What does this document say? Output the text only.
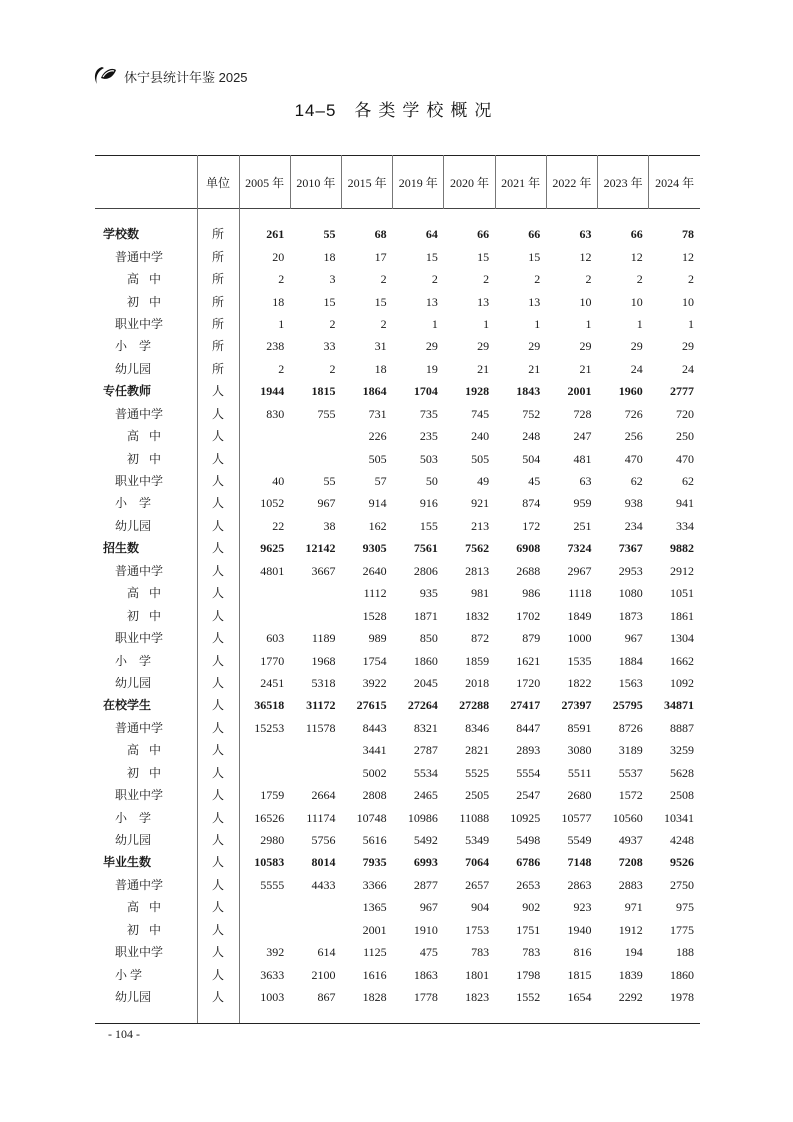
休宁县统计年鉴 2025
14–5 各类学校概况
	单位	2005 年	2010 年	2015 年	2019 年	2020 年	2021 年	2022 年	2023 年	2024 年

学校数	所	261	55	68	64	66	66	63	66	78
普通中学	所	20	18	17	15	15	15	12	12	12
高中	所	2	3	2	2	2	2	2	2	2
初中	所	18	15	15	13	13	13	10	10	10
职业中学	所	1	2	2	1	1	1	1	1	1
小　学	所	238	33	31	29	29	29	29	29	29
幼儿园	所	2	2	18	19	21	21	21	24	24
专任教师	人	1944	1815	1864	1704	1928	1843	2001	1960	2777
普通中学	人	830	755	731	735	745	752	728	726	720
高中	人			226	235	240	248	247	256	250
初中	人			505	503	505	504	481	470	470
职业中学	人	40	55	57	50	49	45	63	62	62
小　学	人	1052	967	914	916	921	874	959	938	941
幼儿园	人	22	38	162	155	213	172	251	234	334
招生数	人	9625	12142	9305	7561	7562	6908	7324	7367	9882
普通中学	人	4801	3667	2640	2806	2813	2688	2967	2953	2912
高中	人			1112	935	981	986	1118	1080	1051
初中	人			1528	1871	1832	1702	1849	1873	1861
职业中学	人	603	1189	989	850	872	879	1000	967	1304
小　学	人	1770	1968	1754	1860	1859	1621	1535	1884	1662
幼儿园	人	2451	5318	3922	2045	2018	1720	1822	1563	1092
在校学生	人	36518	31172	27615	27264	27288	27417	27397	25795	34871
普通中学	人	15253	11578	8443	8321	8346	8447	8591	8726	8887
高中	人			3441	2787	2821	2893	3080	3189	3259
初中	人			5002	5534	5525	5554	5511	5537	5628
职业中学	人	1759	2664	2808	2465	2505	2547	2680	1572	2508
小　学	人	16526	11174	10748	10986	11088	10925	10577	10560	10341
幼儿园	人	2980	5756	5616	5492	5349	5498	5549	4937	4248
毕业生数	人	10583	8014	7935	6993	7064	6786	7148	7208	9526
普通中学	人	5555	4433	3366	2877	2657	2653	2863	2883	2750
高中	人			1365	967	904	902	923	971	975
初中	人			2001	1910	1753	1751	1940	1912	1775
职业中学	人	392	614	1125	475	783	783	816	194	188
小 学	人	3633	2100	1616	1863	1801	1798	1815	1839	1860
幼儿园	人	1003	867	1828	1778	1823	1552	1654	2292	1978

- 104 -
